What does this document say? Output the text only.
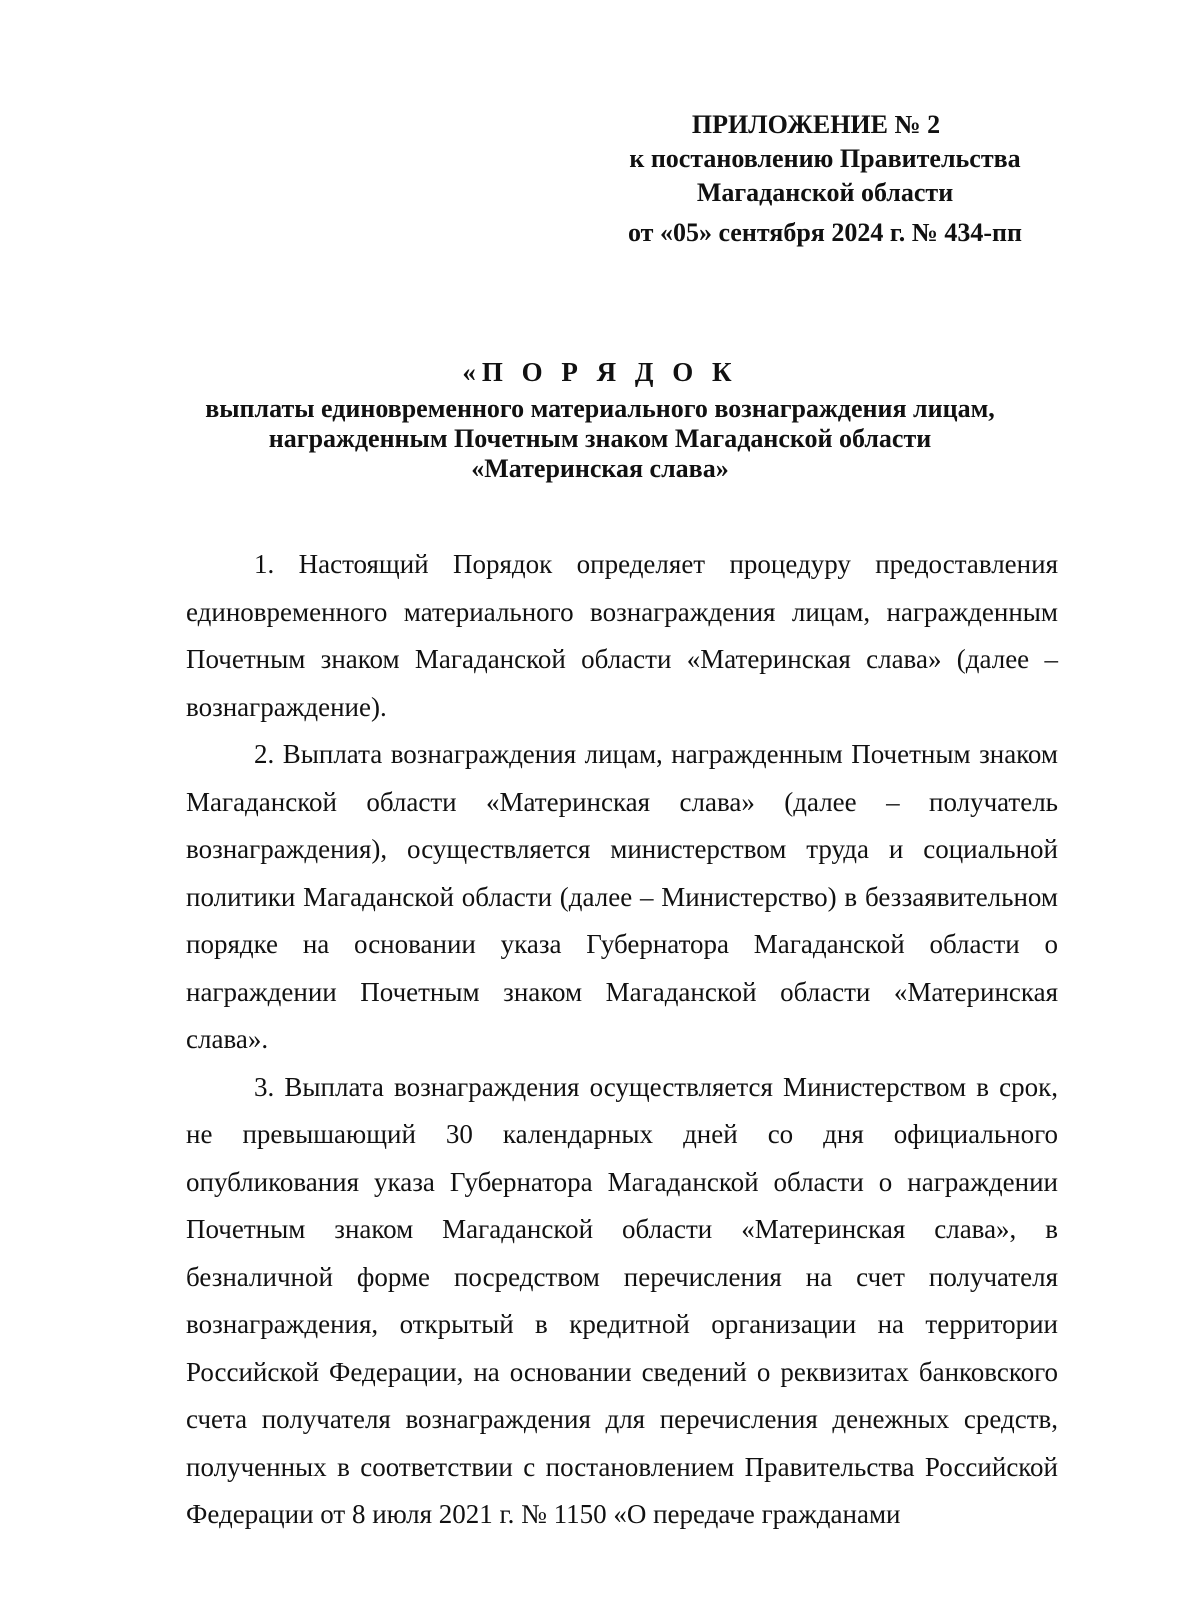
ПРИЛОЖЕНИЕ № 2
к постановлению Правительства
Магаданской области
от «05» сентября 2024 г. № 434-пп
«П О Р Я Д О К
выплаты единовременного материального вознаграждения лицам,
награжденным Почетным знаком Магаданской области
«Материнская слава»

1. Настоящий Порядок определяет процедуру предоставления единовременного материального вознаграждения лицам, награжденным Почетным знаком Магаданской области «Материнская слава» (далее – вознаграждение).

2. Выплата вознаграждения лицам, награжденным Почетным знаком Магаданской области «Материнская слава» (далее – получатель вознаграждения), осуществляется министерством труда и социальной политики Магаданской области (далее – Министерство) в беззаявительном порядке на основании указа Губернатора Магаданской области о награждении Почетным знаком Магаданской области «Материнская слава».

3. Выплата вознаграждения осуществляется Министерством в срок, не превышающий 30 календарных дней со дня официального опубликования указа Губернатора Магаданской области о награждении Почетным знаком Магаданской области «Материнская слава», в безналичной форме посредством перечисления на счет получателя вознаграждения, открытый в кредитной организации на территории Российской Федерации, на основании сведений о реквизитах банковского счета получателя вознаграждения для перечисления денежных средств, полученных в соответствии с постановлением Правительства Российской Федерации от 8 июля 2021 г. № 1150 «О передаче гражданами
